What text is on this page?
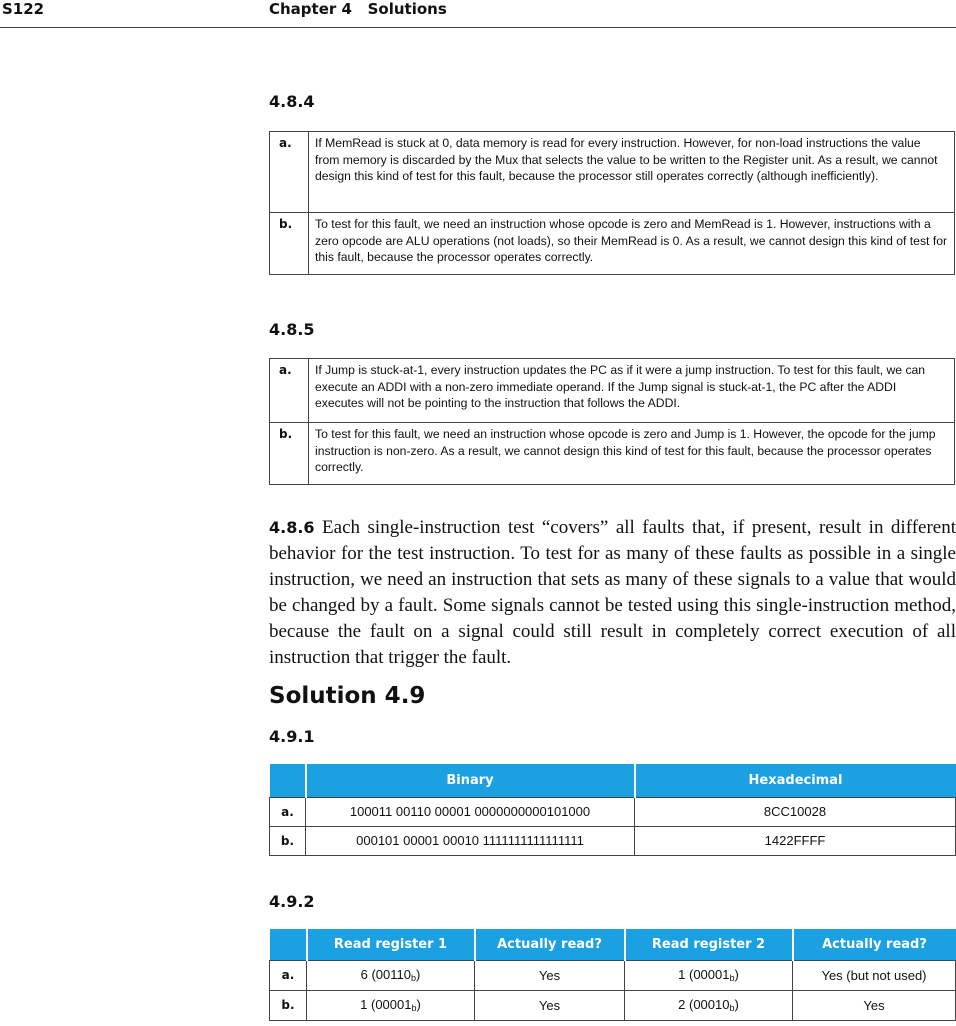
S122	Chapter 4 Solutions
4.8.4
a.	If MemRead is stuck at 0, data memory is read for every instruction. However, for non-load instructions the value from memory is discarded by the Mux that selects the value to be written to the Register unit. As a result, we cannot design this kind of test for this fault, because the processor still operates correctly (although inefficiently).
b.	To test for this fault, we need an instruction whose opcode is zero and MemRead is 1. However, instructions with a zero opcode are ALU operations (not loads), so their MemRead is 0. As a result, we cannot design this kind of test for this fault, because the processor operates correctly.
4.8.5
a.	If Jump is stuck-at-1, every instruction updates the PC as if it were a jump instruction. To test for this fault, we can execute an ADDI with a non-zero immediate operand. If the Jump signal is stuck-at-1, the PC after the ADDI executes will not be pointing to the instruction that follows the ADDI.
b.	To test for this fault, we need an instruction whose opcode is zero and Jump is 1. However, the opcode for the jump instruction is non-zero. As a result, we cannot design this kind of test for this fault, because the processor operates correctly.
4.8.6 Each single-instruction test “covers” all faults that, if present, result in different behavior for the test instruction. To test for as many of these faults as possible in a single instruction, we need an instruction that sets as many of these signals to a value that would be changed by a fault. Some signals cannot be tested using this single-instruction method, because the fault on a signal could still result in completely correct execution of all instruction that trigger the fault.
Solution 4.9
4.9.1
	Binary	Hexadecimal
a.	100011 00110 00001 0000000000101000	8CC10028
b.	000101 00001 00010 1111111111111111	1422FFFF
4.9.2
	Read register 1	Actually read?	Read register 2	Actually read?
a.	6 $(00110_b)$	Yes	1 $(00001_b)$	Yes (but not used)
b.	1 $(00001_b)$	Yes	2 $(00010_b)$	Yes
